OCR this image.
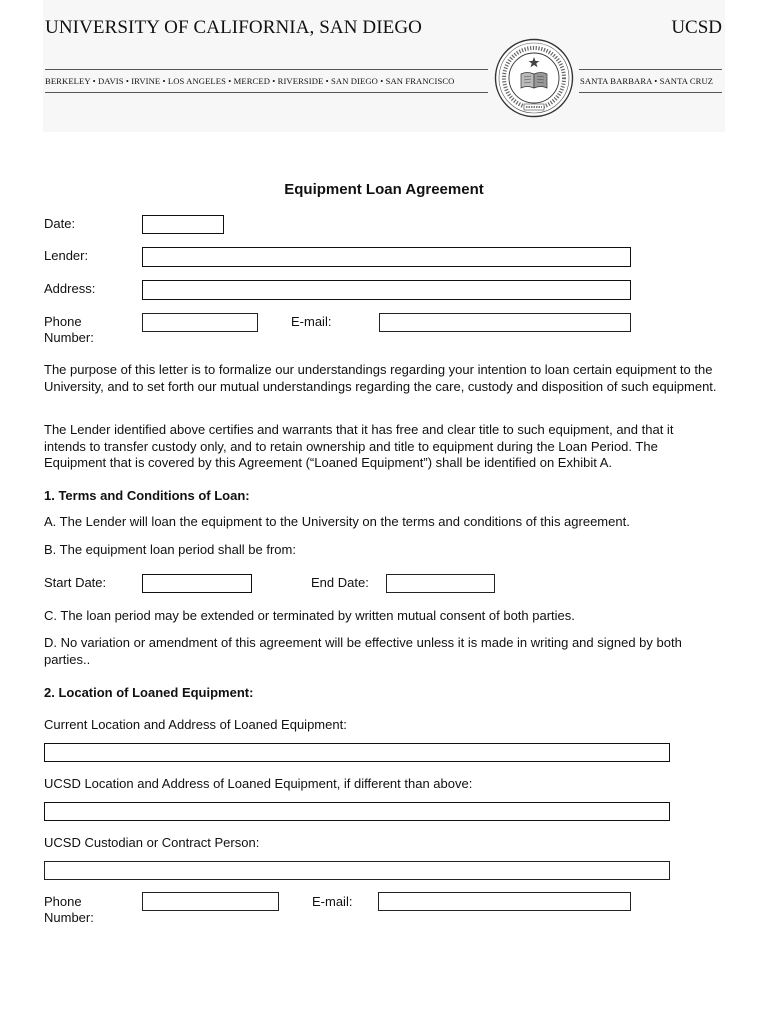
UNIVERSITY OF CALIFORNIA, SAN DIEGO	UCSD
BERKELEY • DAVIS • IRVINE • LOS ANGELES • MERCED • RIVERSIDE • SAN DIEGO • SAN FRANCISCO	SANTA BARBARA • SANTA CRUZ
Equipment Loan Agreement
Date:
Lender:
Address:
Phone
Number:
E-mail:
The purpose of this letter is to formalize our understandings regarding your intention to loan certain equipment to the University, and to set forth our mutual understandings regarding the care, custody and disposition of such equipment.
The Lender identified above certifies and warrants that it has free and clear title to such equipment, and that it intends to transfer custody only, and to retain ownership and title to equipment during the Loan Period. The Equipment that is covered by this Agreement (“Loaned Equipment”) shall be identified on Exhibit A.
1. Terms and Conditions of Loan:
A. The Lender will loan the equipment to the University on the terms and conditions of this agreement.
B. The equipment loan period shall be from:
Start Date:	End Date:
C. The loan period may be extended or terminated by written mutual consent of both parties.
D. No variation or amendment of this agreement will be effective unless it is made in writing and signed by both parties..
2. Location of Loaned Equipment:
Current Location and Address of Loaned Equipment:
UCSD Location and Address of Loaned Equipment, if different than above:
UCSD Custodian or Contract Person:
Phone
Number:
E-mail:
